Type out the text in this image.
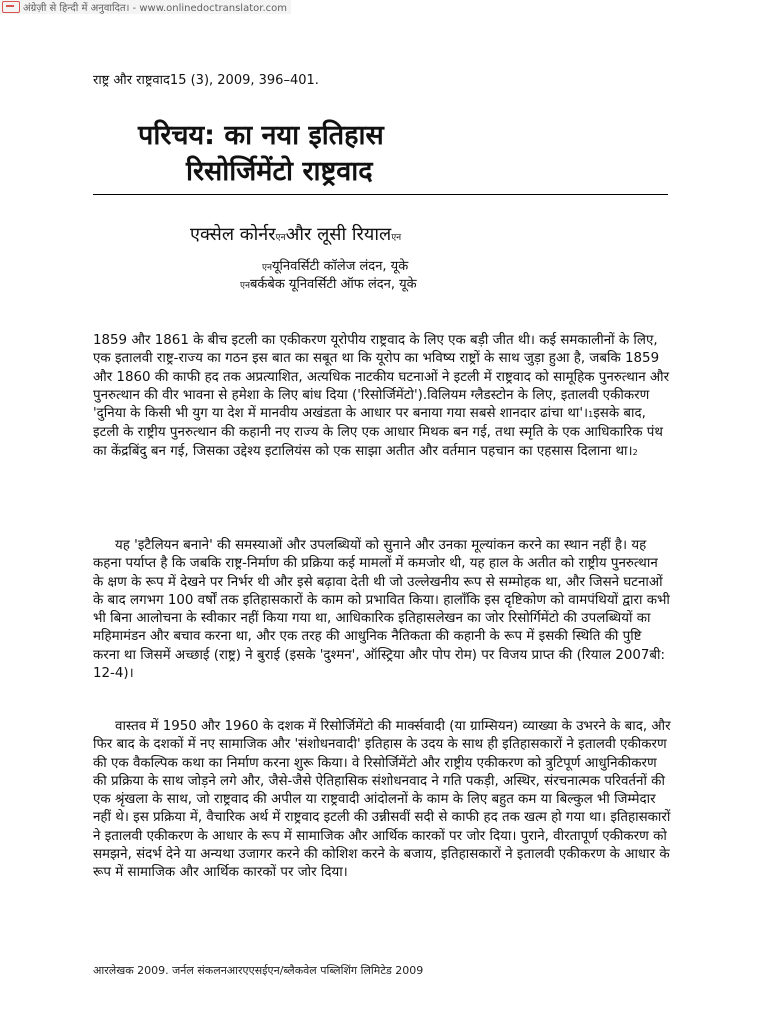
अंग्रेज़ी से हिन्दी में अनुवादित। - www.onlinedoctranslator.com
राष्ट्र और राष्ट्रवाद15 (3), 2009, 396–401.
परिचय: का नया इतिहास
रिसोर्जिमेंटो राष्ट्रवाद
एक्सेल कोर्नरएनऔर लूसी रियालएन
एनयूनिवर्सिटी कॉलेज लंदन, यूके
एनबर्कबेक यूनिवर्सिटी ऑफ लंदन, यूके

1859 और 1861 के बीच इटली का एकीकरण यूरोपीय राष्ट्रवाद के लिए एक बड़ी जीत थी। कई समकालीनों के लिए, एक इतालवी राष्ट्र-राज्य का गठन इस बात का सबूत था कि यूरोप का भविष्य राष्ट्रों के साथ जुड़ा हुआ है, जबकि 1859 और 1860 की काफी हद तक अप्रत्याशित, अत्यधिक नाटकीय घटनाओं ने इटली में राष्ट्रवाद को सामूहिक पुनरुत्थान और पुनरुत्थान की वीर भावना से हमेशा के लिए बांध दिया ('रिसोर्जिमेंटो').विलियम ग्लैडस्टोन के लिए, इतालवी एकीकरण 'दुनिया के किसी भी युग या देश में मानवीय अखंडता के आधार पर बनाया गया सबसे शानदार ढांचा था'।1इसके बाद, इटली के राष्ट्रीय पुनरुत्थान की कहानी नए राज्य के लिए एक आधार मिथक बन गई, तथा स्मृति के एक आधिकारिक पंथ का केंद्रबिंदु बन गई, जिसका उद्देश्य इटालियंस को एक साझा अतीत और वर्तमान पहचान का एहसास दिलाना था।2

यह 'इटैलियन बनाने' की समस्याओं और उपलब्धियों को सुनाने और उनका मूल्यांकन करने का स्थान नहीं है। यह कहना पर्याप्त है कि जबकि राष्ट्र-निर्माण की प्रक्रिया कई मामलों में कमजोर थी, यह हाल के अतीत को राष्ट्रीय पुनरुत्थान के क्षण के रूप में देखने पर निर्भर थी और इसे बढ़ावा देती थी जो उल्लेखनीय रूप से सम्मोहक था, और जिसने घटनाओं के बाद लगभग 100 वर्षों तक इतिहासकारों के काम को प्रभावित किया। हालाँकि इस दृष्टिकोण को वामपंथियों द्वारा कभी भी बिना आलोचना के स्वीकार नहीं किया गया था, आधिकारिक इतिहासलेखन का जोर रिसोर्गिमेंटो की उपलब्धियों का महिमामंडन और बचाव करना था, और एक तरह की आधुनिक नैतिकता की कहानी के रूप में इसकी स्थिति की पुष्टि करना था जिसमें अच्छाई (राष्ट्र) ने बुराई (इसके 'दुश्मन', ऑस्ट्रिया और पोप रोम) पर विजय प्राप्त की (रियाल 2007बी: 12-4)।

वास्तव में 1950 और 1960 के दशक में रिसोर्जिमेंटो की मार्क्सवादी (या ग्राम्सियन) व्याख्या के उभरने के बाद, और फिर बाद के दशकों में नए सामाजिक और 'संशोधनवादी' इतिहास के उदय के साथ ही इतिहासकारों ने इतालवी एकीकरण की एक वैकल्पिक कथा का निर्माण करना शुरू किया। वे रिसोर्जिमेंटो और राष्ट्रीय एकीकरण को त्रुटिपूर्ण आधुनिकीकरण की प्रक्रिया के साथ जोड़ने लगे और, जैसे-जैसे ऐतिहासिक संशोधनवाद ने गति पकड़ी, अस्थिर, संरचनात्मक परिवर्तनों की एक श्रृंखला के साथ, जो राष्ट्रवाद की अपील या राष्ट्रवादी आंदोलनों के काम के लिए बहुत कम या बिल्कुल भी जिम्मेदार नहीं थे। इस प्रक्रिया में, वैचारिक अर्थ में राष्ट्रवाद इटली की उन्नीसवीं सदी से काफी हद तक खत्म हो गया था। इतिहासकारों ने इतालवी एकीकरण के आधार के रूप में सामाजिक और आर्थिक कारकों पर जोर दिया। पुराने, वीरतापूर्ण एकीकरण को समझने, संदर्भ देने या अन्यथा उजागर करने की कोशिश करने के बजाय, इतिहासकारों ने इतालवी एकीकरण के आधार के रूप में सामाजिक और आर्थिक कारकों पर जोर दिया।

आरलेखक 2009. जर्नल संकलनआरएएसईएन/ब्लैकवेल पब्लिशिंग लिमिटेड 2009
